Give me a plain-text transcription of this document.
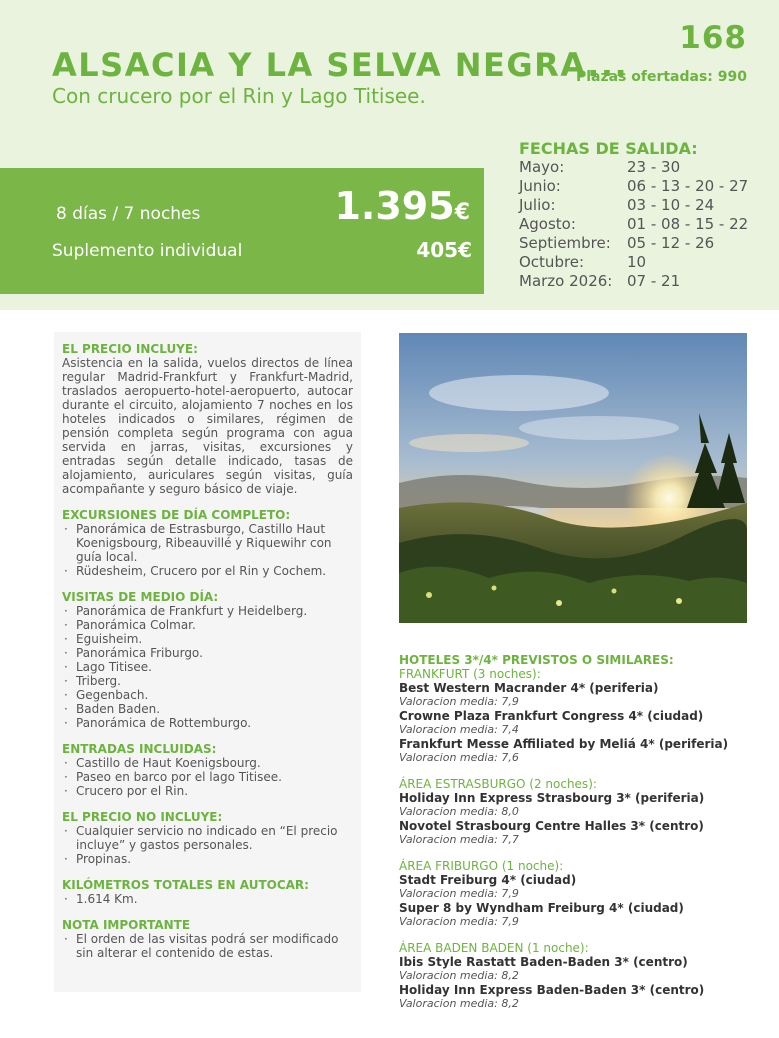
168
ALSACIA Y LA SELVA NEGRA...
Plazas ofertadas: 990
Con crucero por el Rin y Lago Titisee.
8 días / 7 noches	1.395€
Suplemento individual	405€
FECHAS DE SALIDA:
Mayo:	23 - 30
Junio:	06 - 13 - 20 - 27
Julio:	03 - 10 - 24
Agosto:	01 - 08 - 15 - 22
Septiembre:	05 - 12 - 26
Octubre:	10
Marzo 2026: 07 - 21
EL PRECIO INCLUYE:

Asistencia en la salida, vuelos directos de línea regular Madrid-Frankfurt y Frankfurt-Madrid, traslados aeropuerto-hotel-aeropuerto, autocar durante el circuito, alojamiento 7 noches en los hoteles indicados o similares, régimen de pensión completa según programa con agua servida en jarras, visitas, excursiones y entradas según detalle indicado, tasas de alojamiento, auriculares según visitas, guía acompañante y seguro básico de viaje.

EXCURSIONES DE DÍA COMPLETO:
· Panorámica de Estrasburgo, Castillo Haut Koenigsbourg, Ribeauvillé y Riquewihr con guía local.
· Rüdesheim, Crucero por el Rin y Cochem.
VISITAS DE MEDIO DÍA:
· Panorámica de Frankfurt y Heidelberg.
· Panorámica Colmar.
· Eguisheim.
· Panorámica Friburgo.
· Lago Titisee.
· Triberg.
· Gegenbach.
· Baden Baden.
· Panorámica de Rottemburgo.
ENTRADAS INCLUIDAS:
· Castillo de Haut Koenigsbourg.
· Paseo en barco por el lago Titisee.
· Crucero por el Rin.
EL PRECIO NO INCLUYE:
· Cualquier servicio no indicado en “El precio incluye” y gastos personales.
· Propinas.
KILÓMETROS TOTALES EN AUTOCAR:
· 1.614 Km.
NOTA IMPORTANTE
· El orden de las visitas podrá ser modificado sin alterar el contenido de estas.
HOTELES 3*/4* PREVISTOS O SIMILARES:
FRANKFURT (3 noches):
Best Western Macrander 4* (periferia)
Valoracion media: 7,9
Crowne Plaza Frankfurt Congress 4* (ciudad)
Valoracion media: 7,4
Frankfurt Messe Affiliated by Meliá 4* (periferia)
Valoracion media: 7,6
ÁREA ESTRASBURGO (2 noches):
Holiday Inn Express Strasbourg 3* (periferia)
Valoracion media: 8,0
Novotel Strasbourg Centre Halles 3* (centro)
Valoracion media: 7,7
ÁREA FRIBURGO (1 noche):
Stadt Freiburg 4* (ciudad)
Valoracion media: 7,9
Super 8 by Wyndham Freiburg 4* (ciudad)
Valoracion media: 7,9
ÁREA BADEN BADEN (1 noche):
Ibis Style Rastatt Baden-Baden 3* (centro)
Valoracion media: 8,2
Holiday Inn Express Baden-Baden 3* (centro)
Valoracion media: 8,2
